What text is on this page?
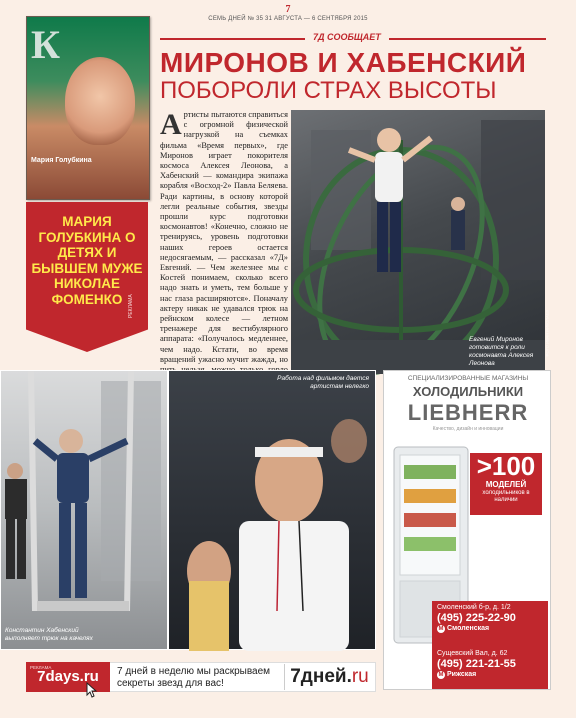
7
СЕМЬ ДНЕЙ № 35 31 АВГУСТА — 6 СЕНТЯБРЯ 2015
7Д СООБЩАЕТ
МИРОНОВ И ХАБЕНСКИЙ
ПОБОРОЛИ СТРАХ ВЫСОТЫ
Артисты пытаются справиться с огромной физической нагрузкой на съемках фильма «Время первых», где Миронов играет покорителя космоса Алексея Леонова, а Хабенский — командира экипажа корабля «Восход-2» Павла Беляева. Ради картины, в основу которой легли реальные события, звезды прошли курс подготовки космонавтов! «Конечно, сложно не тренируясь, уровень подготовки наших героев остается недосягаемым, — рассказал «7Д» Евгений. — Чем железнее мы с Костей понимаем, сколько всего надо знать и уметь, тем больше у нас глаза расширяются». Поначалу актеру никак не удавался трюк на рейнском колесе — летном тренажере для вестибулярного аппарата: «Получалось медленнее, чем надо. Кстати, во время вращений ужасно мучит жажда, но
Евгений Миронов готовится к роли космонавта Алексея Леонова
ФОТО ИВАН НИКОЛАЕВ
К
Мария Голубкина
МАРИЯ ГОЛУБКИНА О ДЕТЯХ И БЫВШЕМ МУЖЕ НИКОЛАЕ ФОМЕНКО	РЕКЛАМА
Константин Хабенский выполняет трюк на качелях
Работа над фильмом дается артистам нелегко
СПЕЦИАЛИЗИРОВАННЫЕ МАГАЗИНЫ
ХОЛОДИЛЬНИКИ
LIEBHERR
Качество, дизайн и инновации
>100
МОДЕЛЕЙ
холодильников в наличии
Смоленский б-р, д. 1/2
(495) 225-22-90
М Смоленская
Сущевский Вал, д. 62
(495) 221-21-55
М Рижская
7days.ru
РЕКЛАМА	7 дней в неделю мы раскрываем секреты звезд для вас!	7дней.ru
